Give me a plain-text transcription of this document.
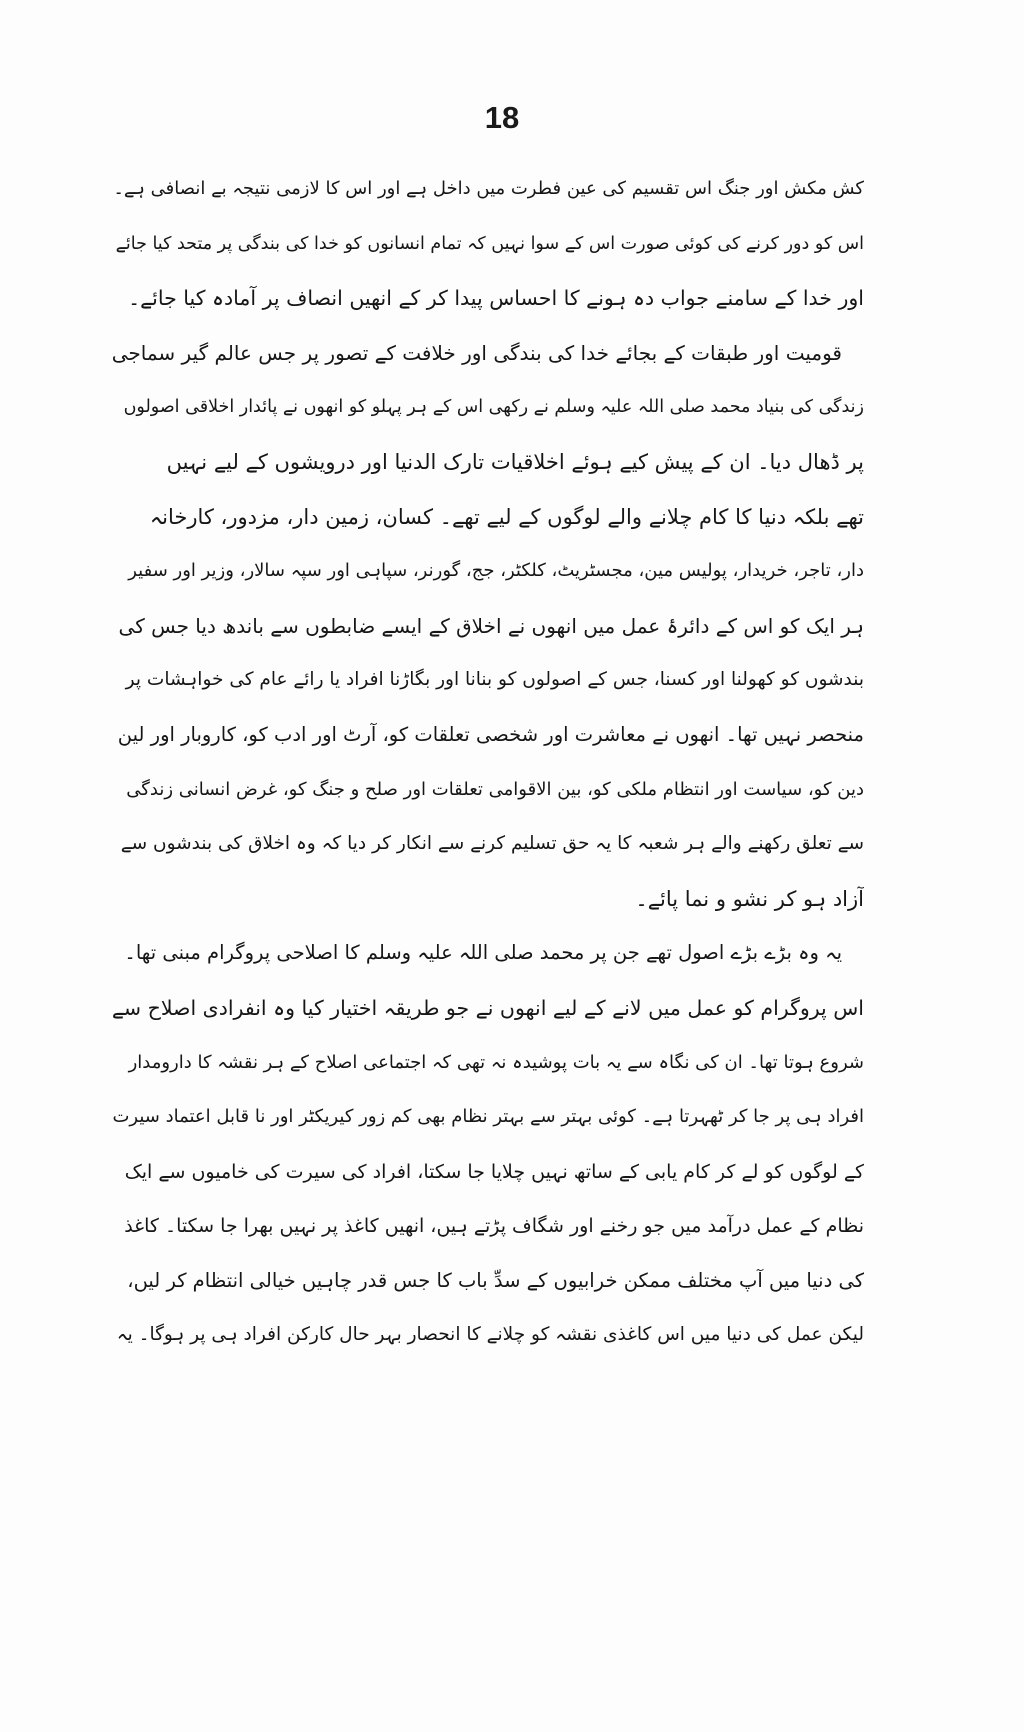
18
کش مکش اور جنگ اس تقسیم کی عین فطرت میں داخل ہے اور اس کا لازمی نتیجہ بے انصافی ہے۔
اس کو دور کرنے کی کوئی صورت اس کے سوا نہیں کہ تمام انسانوں کو خدا کی بندگی پر متحد کیا جائے
اور خدا کے سامنے جواب دہ ہونے کا احساس پیدا کر کے انھیں انصاف پر آمادہ کیا جائے۔
قومیت اور طبقات کے بجائے خدا کی بندگی اور خلافت کے تصور پر جس عالم گیر سماجی
زندگی کی بنیاد محمد صلی اللہ علیہ وسلم نے رکھی اس کے ہر پہلو کو انھوں نے پائدار اخلاقی اصولوں
پر ڈھال دیا۔ ان کے پیش کیے ہوئے اخلاقیات تارک الدنیا اور درویشوں کے لیے نہیں
تھے بلکہ دنیا کا کام چلانے والے لوگوں کے لیے تھے۔ کسان، زمین دار، مزدور، کارخانہ
دار، تاجر، خریدار، پولیس مین، مجسٹریٹ، کلکٹر، جج، گورنر، سپاہی اور سپہ سالار، وزیر اور سفیر
ہر ایک کو اس کے دائرۂ عمل میں انھوں نے اخلاق کے ایسے ضابطوں سے باندھ دیا جس کی
بندشوں کو کھولنا اور کسنا، جس کے اصولوں کو بنانا اور بگاڑنا افراد یا رائے عام کی خواہشات پر
منحصر نہیں تھا۔ انھوں نے معاشرت اور شخصی تعلقات کو، آرٹ اور ادب کو، کاروبار اور لین
دین کو، سیاست اور انتظام ملکی کو، بین الاقوامی تعلقات اور صلح و جنگ کو، غرض انسانی زندگی
سے تعلق رکھنے والے ہر شعبہ کا یہ حق تسلیم کرنے سے انکار کر دیا کہ وہ اخلاق کی بندشوں سے
آزاد ہو کر نشو و نما پائے۔
یہ وہ بڑے بڑے اصول تھے جن پر محمد صلی اللہ علیہ وسلم کا اصلاحی پروگرام مبنی تھا۔
اس پروگرام کو عمل میں لانے کے لیے انھوں نے جو طریقہ اختیار کیا وہ انفرادی اصلاح سے
شروع ہوتا تھا۔ ان کی نگاہ سے یہ بات پوشیدہ نہ تھی کہ اجتماعی اصلاح کے ہر نقشہ کا دارومدار
افراد ہی پر جا کر ٹھہرتا ہے۔ کوئی بہتر سے بہتر نظام بھی کم زور کیریکٹر اور نا قابل اعتماد سیرت
کے لوگوں کو لے کر کام یابی کے ساتھ نہیں چلایا جا سکتا، افراد کی سیرت کی خامیوں سے ایک
نظام کے عمل درآمد میں جو رخنے اور شگاف پڑتے ہیں، انھیں کاغذ پر نہیں بھرا جا سکتا۔ کاغذ
کی دنیا میں آپ مختلف ممکن خرابیوں کے سدِّ باب کا جس قدر چاہیں خیالی انتظام کر لیں،
لیکن عمل کی دنیا میں اس کاغذی نقشہ کو چلانے کا انحصار بہر حال کارکن افراد ہی پر ہوگا۔ یہ
